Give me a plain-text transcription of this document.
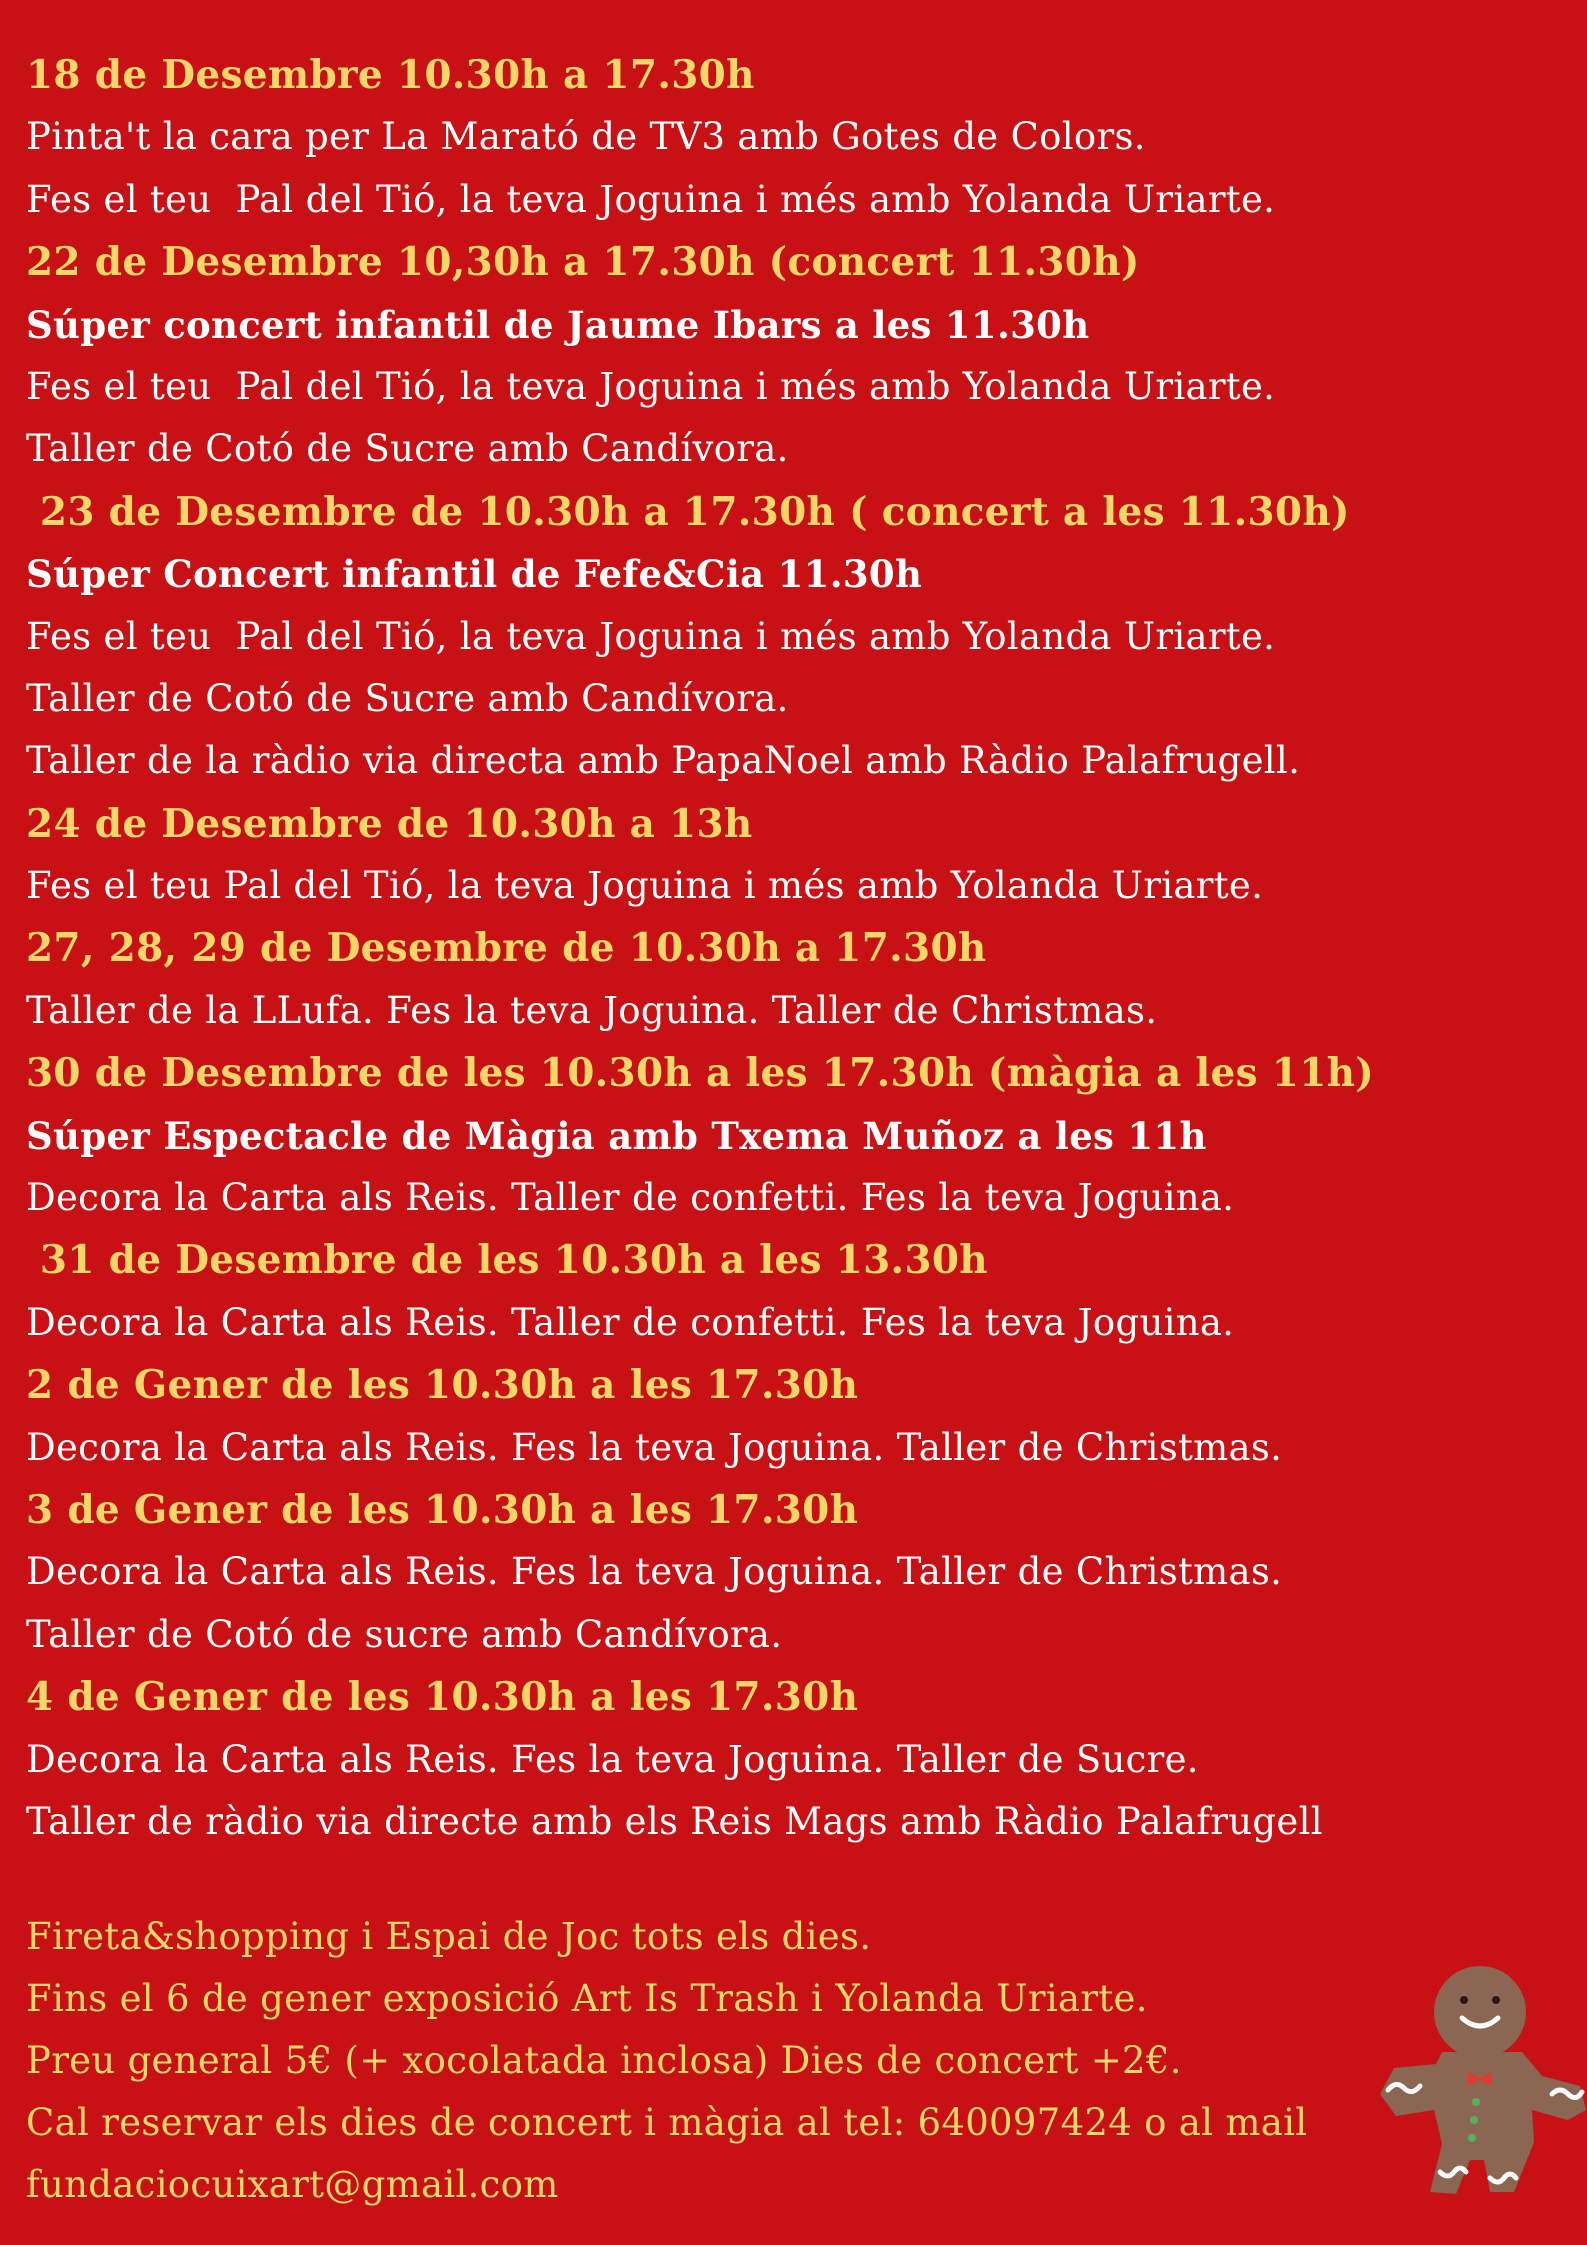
18 de Desembre 10.30h a 17.30h
Pinta't la cara per La Marató de TV3 amb Gotes de Colors.
Fes el teu  Pal del Tió, la teva Joguina i més amb Yolanda Uriarte.
22 de Desembre 10,30h a 17.30h (concert 11.30h)
Súper concert infantil de Jaume Ibars a les 11.30h
Fes el teu  Pal del Tió, la teva Joguina i més amb Yolanda Uriarte.
Taller de Cotó de Sucre amb Candívora.
23 de Desembre de 10.30h a 17.30h ( concert a les 11.30h)
Súper Concert infantil de Fefe&Cia 11.30h
Fes el teu  Pal del Tió, la teva Joguina i més amb Yolanda Uriarte.
Taller de Cotó de Sucre amb Candívora.
Taller de la ràdio via directa amb PapaNoel amb Ràdio Palafrugell.
24 de Desembre de 10.30h a 13h
Fes el teu Pal del Tió, la teva Joguina i més amb Yolanda Uriarte.
27, 28, 29 de Desembre de 10.30h a 17.30h
Taller de la LLufa. Fes la teva Joguina. Taller de Christmas.
30 de Desembre de les 10.30h a les 17.30h (màgia a les 11h)
Súper Espectacle de Màgia amb Txema Muñoz a les 11h
Decora la Carta als Reis. Taller de confetti. Fes la teva Joguina.
31 de Desembre de les 10.30h a les 13.30h
Decora la Carta als Reis. Taller de confetti. Fes la teva Joguina.
2 de Gener de les 10.30h a les 17.30h
Decora la Carta als Reis. Fes la teva Joguina. Taller de Christmas.
3 de Gener de les 10.30h a les 17.30h
Decora la Carta als Reis. Fes la teva Joguina. Taller de Christmas.
Taller de Cotó de sucre amb Candívora.
4 de Gener de les 10.30h a les 17.30h
Decora la Carta als Reis. Fes la teva Joguina. Taller de Sucre.
Taller de ràdio via directe amb els Reis Mags amb Ràdio Palafrugell
Fireta&shopping i Espai de Joc tots els dies.
Fins el 6 de gener exposició Art Is Trash i Yolanda Uriarte.
Preu general 5€ (+ xocolatada inclosa) Dies de concert +2€.
Cal reservar els dies de concert i màgia al tel: 640097424 o al mail
fundaciocuixart@gmail.com
